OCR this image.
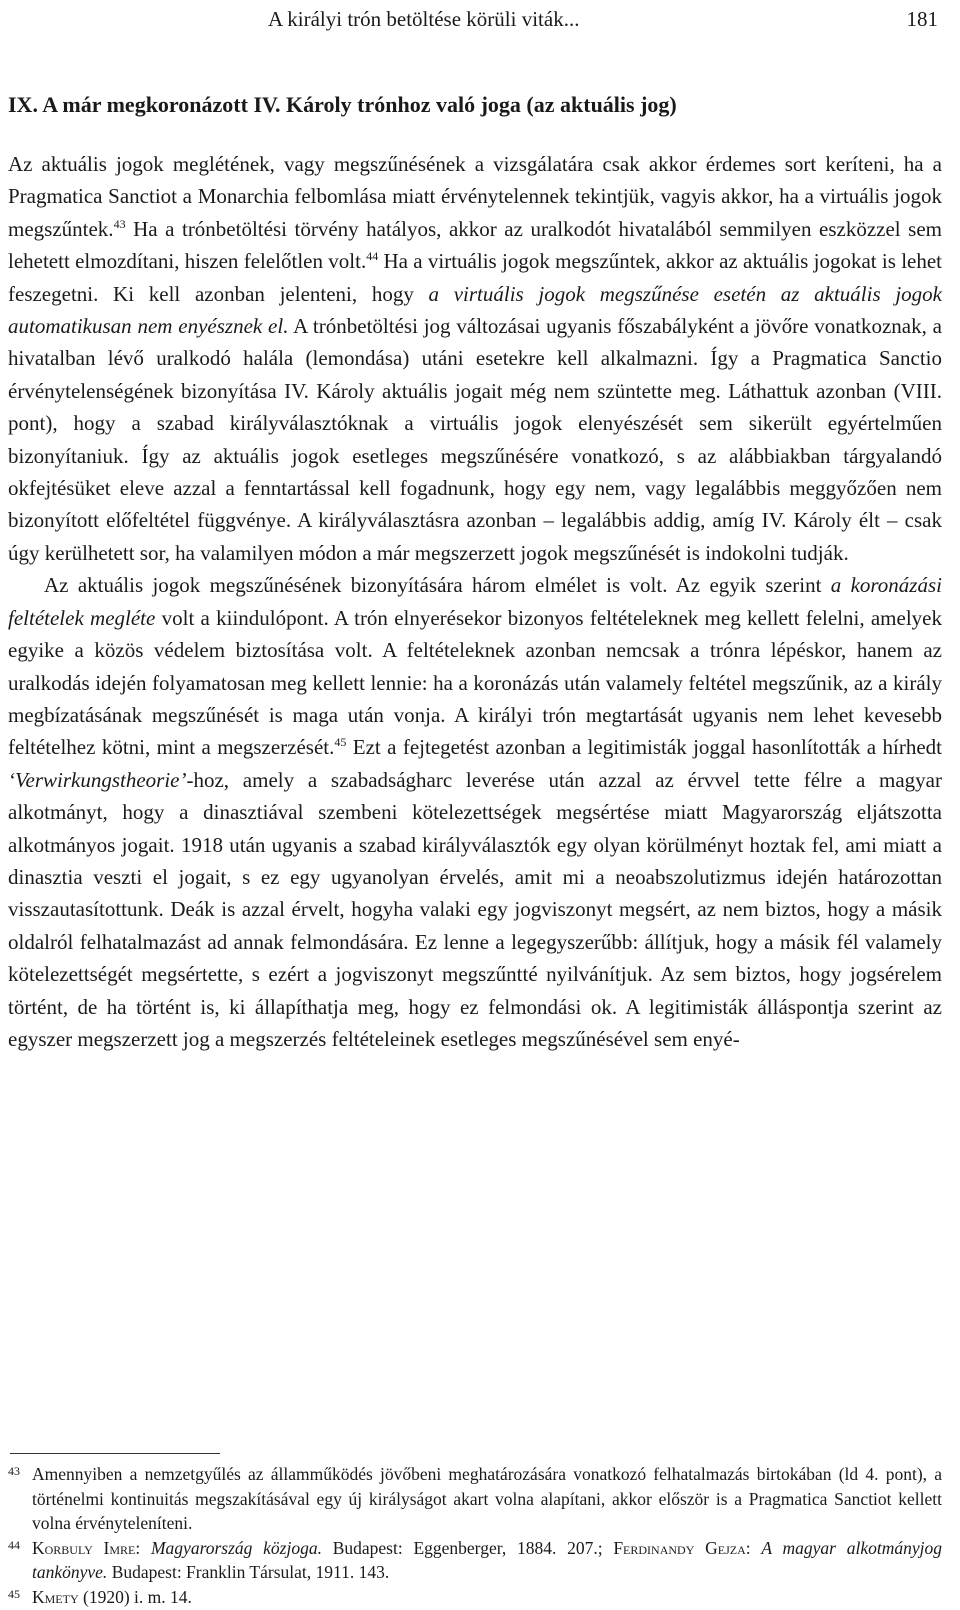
A királyi trón betöltése körüli viták...	181
IX. A már megkoronázott IV. Károly trónhoz való joga (az aktuális jog)

Az aktuális jogok meglétének, vagy megszűnésének a vizsgálatára csak akkor érdemes sort keríteni, ha a Pragmatica Sanctiot a Monarchia felbomlása miatt érvénytelennek tekintjük, vagyis akkor, ha a virtuális jogok megszűntek.$^{43}$ Ha a trónbetöltési törvény hatályos, akkor az uralkodót hivatalából semmilyen eszközzel sem lehetett elmozdítani, hiszen felelőtlen volt.$^{44}$ Ha a virtuális jogok megszűntek, akkor az aktuális jogokat is lehet feszegetni. Ki kell azonban jelenteni, hogy a virtuális jogok megszűnése esetén az aktuális jogok automatikusan nem enyésznek el. A trónbetöltési jog változásai ugyanis főszabályként a jövőre vonatkoznak, a hivatalban lévő uralkodó halála (lemondása) utáni esetekre kell alkalmazni. Így a Pragmatica Sanctio érvénytelenségének bizonyítása IV. Károly aktuális jogait még nem szüntette meg. Láthattuk azonban (VIII. pont), hogy a szabad királyválasztóknak a virtuális jogok elenyészését sem sikerült egyértelműen bizonyítaniuk. Így az aktuális jogok esetleges megszűnésére vonatkozó, s az alábbiakban tárgyalandó okfejtésüket eleve azzal a fenntartással kell fogadnunk, hogy egy nem, vagy legalábbis meggyőzően nem bizonyított előfeltétel függvénye. A királyválasztásra azonban – legalábbis addig, amíg IV. Károly élt – csak úgy kerülhetett sor, ha valamilyen módon a már megszerzett jogok megszűnését is indokolni tudják.

Az aktuális jogok megszűnésének bizonyítására három elmélet is volt. Az egyik szerint a koronázási feltételek megléte volt a kiindulópont. A trón elnyerésekor bizonyos feltételeknek meg kellett felelni, amelyek egyike a közös védelem biztosítása volt. A feltételeknek azonban nemcsak a trónra lépéskor, hanem az uralkodás idején folyamatosan meg kellett lennie: ha a koronázás után valamely feltétel megszűnik, az a király megbízatásának megszűnését is maga után vonja. A királyi trón megtartását ugyanis nem lehet kevesebb feltételhez kötni, mint a megszerzését.$^{45}$ Ezt a fejtegetést azonban a legitimisták joggal hasonlították a hírhedt ‘Verwirkungstheorie’-hoz, amely a szabadságharc leverése után azzal az érvvel tette félre a magyar alkotmányt, hogy a dinasztiával szembeni kötelezettségek megsértése miatt Magyarország eljátszotta alkotmányos jogait. 1918 után ugyanis a szabad királyválasztók egy olyan körülményt hoztak fel, ami miatt a dinasztia veszti el jogait, s ez egy ugyanolyan érvelés, amit mi a neoabszolutizmus idején határozottan visszautasítottunk. Deák is azzal érvelt, hogyha valaki egy jogviszonyt megsért, az nem biztos, hogy a másik oldalról felhatalmazást ad annak felmondására. Ez lenne a legegyszerűbb: állítjuk, hogy a másik fél valamely kötelezettségét megsértette, s ezért a jogviszonyt megszűntté nyilvánítjuk. Az sem biztos, hogy jogsérelem történt, de ha történt is, ki állapíthatja meg, hogy ez felmondási ok. A legitimisták álláspontja szerint az egyszer megszerzett jog a megszerzés feltételeinek esetleges megszűnésével sem enyé-

43 Amennyiben a nemzetgyűlés az államműködés jövőbeni meghatározására vonatkozó felhatalmazás birtokában (ld 4. pont), a történelmi kontinuitás megszakításával egy új királyságot akart volna alapítani, akkor először is a Pragmatica Sanctiot kellett volna érvényteleníteni.

44 Korbuly Imre: Magyarország közjoga. Budapest: Eggenberger, 1884. 207.; Ferdinandy Gejza: A magyar alkotmányjog tankönyve. Budapest: Franklin Társulat, 1911. 143.

45 Kmety (1920) i. m. 14.
